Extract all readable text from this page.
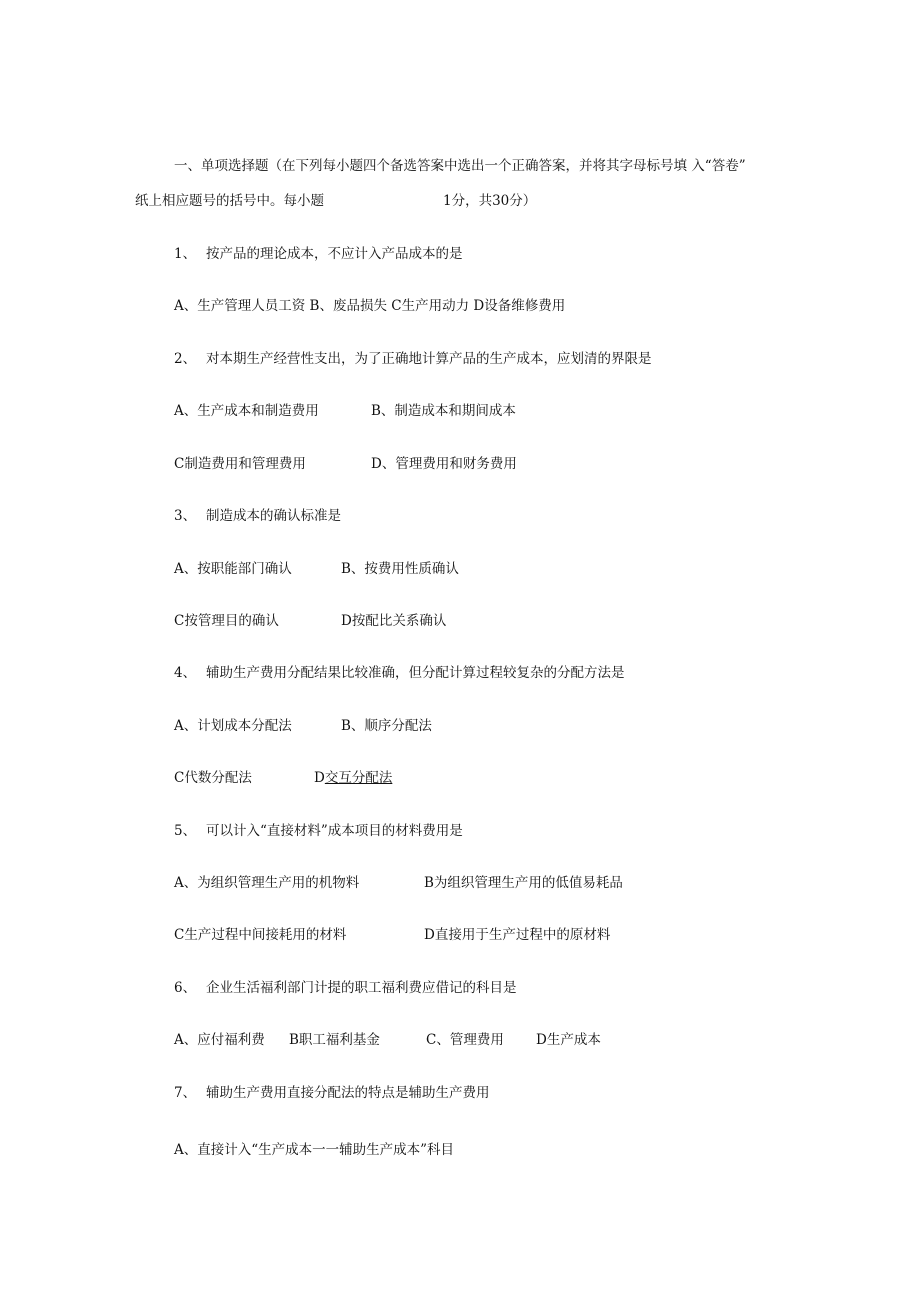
一、单项选择题（在下列每小题四个备选答案中选出一个正确答案，并将其字母标号填 入“答卷”
纸上相应题号的括号中。每小题	1分，共30分）
1、 按产品的理论成本，不应计入产品成本的是
A、生产管理人员工资 B、废品损失 C生产用动力 D设备维修费用
2、 对本期生产经营性支出，为了正确地计算产品的生产成本，应划清的界限是
A、生产成本和制造费用	B、制造成本和期间成本
C制造费用和管理费用	D、管理费用和财务费用
3、 制造成本的确认标准是
A、按职能部门确认	B、按费用性质确认
C按管理目的确认	D按配比关系确认
4、 辅助生产费用分配结果比较准确，但分配计算过程较复杂的分配方法是
A、计划成本分配法	B、顺序分配法
C代数分配法	D交互分配法
5、 可以计入“直接材料”成本项目的材料费用是
A、为组织管理生产用的机物料	B为组织管理生产用的低值易耗品
C生产过程中间接耗用的材料	D直接用于生产过程中的原材料
6、 企业生活福利部门计提的职工福利费应借记的科目是
A、应付福利费 B职工福利基金	C、管理费用 D生产成本
7、 辅助生产费用直接分配法的特点是辅助生产费用
A、直接计入“生产成本一一辅助生产成本”科目
